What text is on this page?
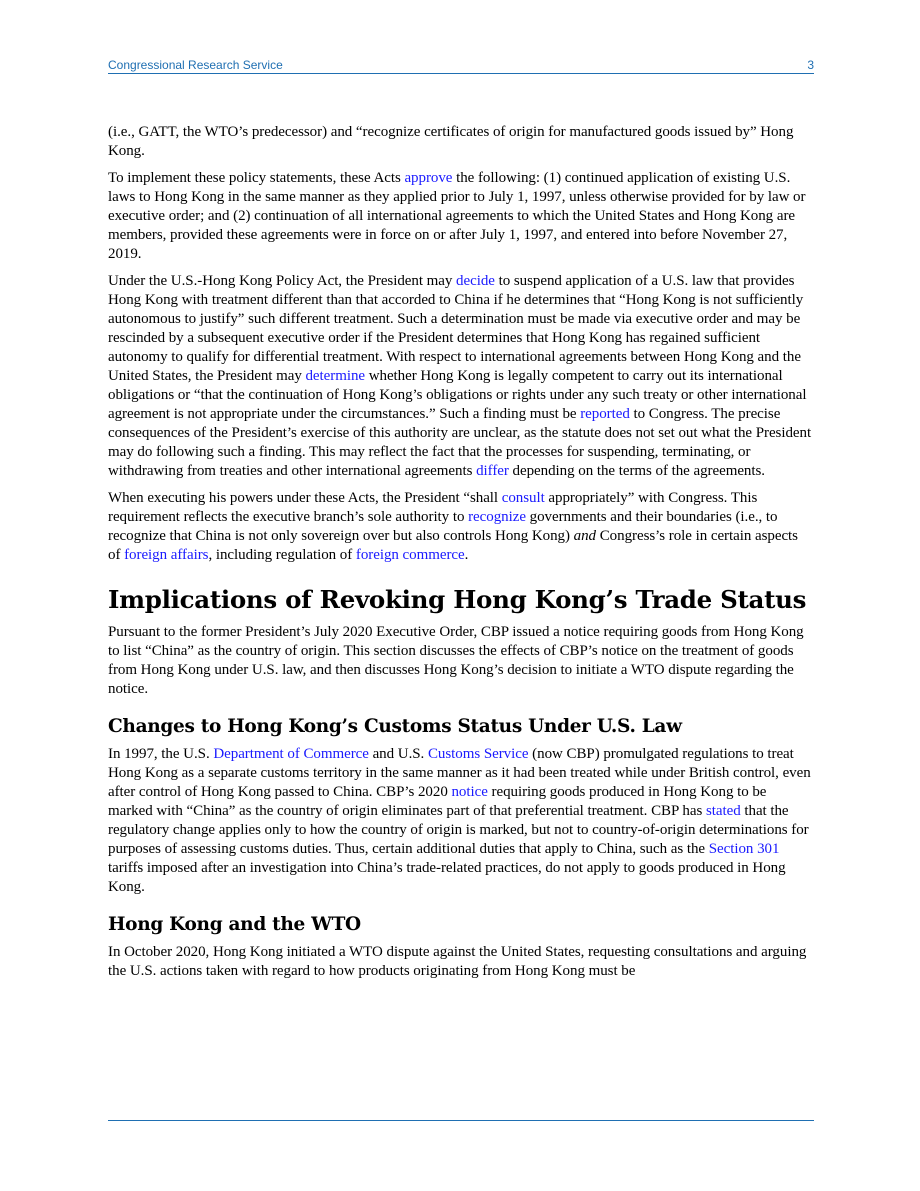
Congressional Research Service	3

(i.e., GATT, the WTO’s predecessor) and “recognize certificates of origin for manufactured goods issued by” Hong Kong.

To implement these policy statements, these Acts approve the following: (1) continued application of existing U.S. laws to Hong Kong in the same manner as they applied prior to July 1, 1997, unless otherwise provided for by law or executive order; and (2) continuation of all international agreements to which the United States and Hong Kong are members, provided these agreements were in force on or after July 1, 1997, and entered into before November 27, 2019.

Under the U.S.-Hong Kong Policy Act, the President may decide to suspend application of a U.S. law that provides Hong Kong with treatment different than that accorded to China if he determines that “Hong Kong is not sufficiently autonomous to justify” such different treatment. Such a determination must be made via executive order and may be rescinded by a subsequent executive order if the President determines that Hong Kong has regained sufficient autonomy to qualify for differential treatment. With respect to international agreements between Hong Kong and the United States, the President may determine whether Hong Kong is legally competent to carry out its international obligations or “that the continuation of Hong Kong’s obligations or rights under any such treaty or other international agreement is not appropriate under the circumstances.” Such a finding must be reported to Congress. The precise consequences of the President’s exercise of this authority are unclear, as the statute does not set out what the President may do following such a finding. This may reflect the fact that the processes for suspending, terminating, or withdrawing from treaties and other international agreements differ depending on the terms of the agreements.

When executing his powers under these Acts, the President “shall consult appropriately” with Congress. This requirement reflects the executive branch’s sole authority to recognize governments and their boundaries (i.e., to recognize that China is not only sovereign over but also controls Hong Kong) and Congress’s role in certain aspects of foreign affairs, including regulation of foreign commerce.

Implications of Revoking Hong Kong’s Trade Status

Pursuant to the former President’s July 2020 Executive Order, CBP issued a notice requiring goods from Hong Kong to list “China” as the country of origin. This section discusses the effects of CBP’s notice on the treatment of goods from Hong Kong under U.S. law, and then discusses Hong Kong’s decision to initiate a WTO dispute regarding the notice.

Changes to Hong Kong’s Customs Status Under U.S. Law

In 1997, the U.S. Department of Commerce and U.S. Customs Service (now CBP) promulgated regulations to treat Hong Kong as a separate customs territory in the same manner as it had been treated while under British control, even after control of Hong Kong passed to China. CBP’s 2020 notice requiring goods produced in Hong Kong to be marked with “China” as the country of origin eliminates part of that preferential treatment. CBP has stated that the regulatory change applies only to how the country of origin is marked, but not to country-of-origin determinations for purposes of assessing customs duties. Thus, certain additional duties that apply to China, such as the Section 301 tariffs imposed after an investigation into China’s trade-related practices, do not apply to goods produced in Hong Kong.

Hong Kong and the WTO

In October 2020, Hong Kong initiated a WTO dispute against the United States, requesting consultations and arguing the U.S. actions taken with regard to how products originating from Hong Kong must be
